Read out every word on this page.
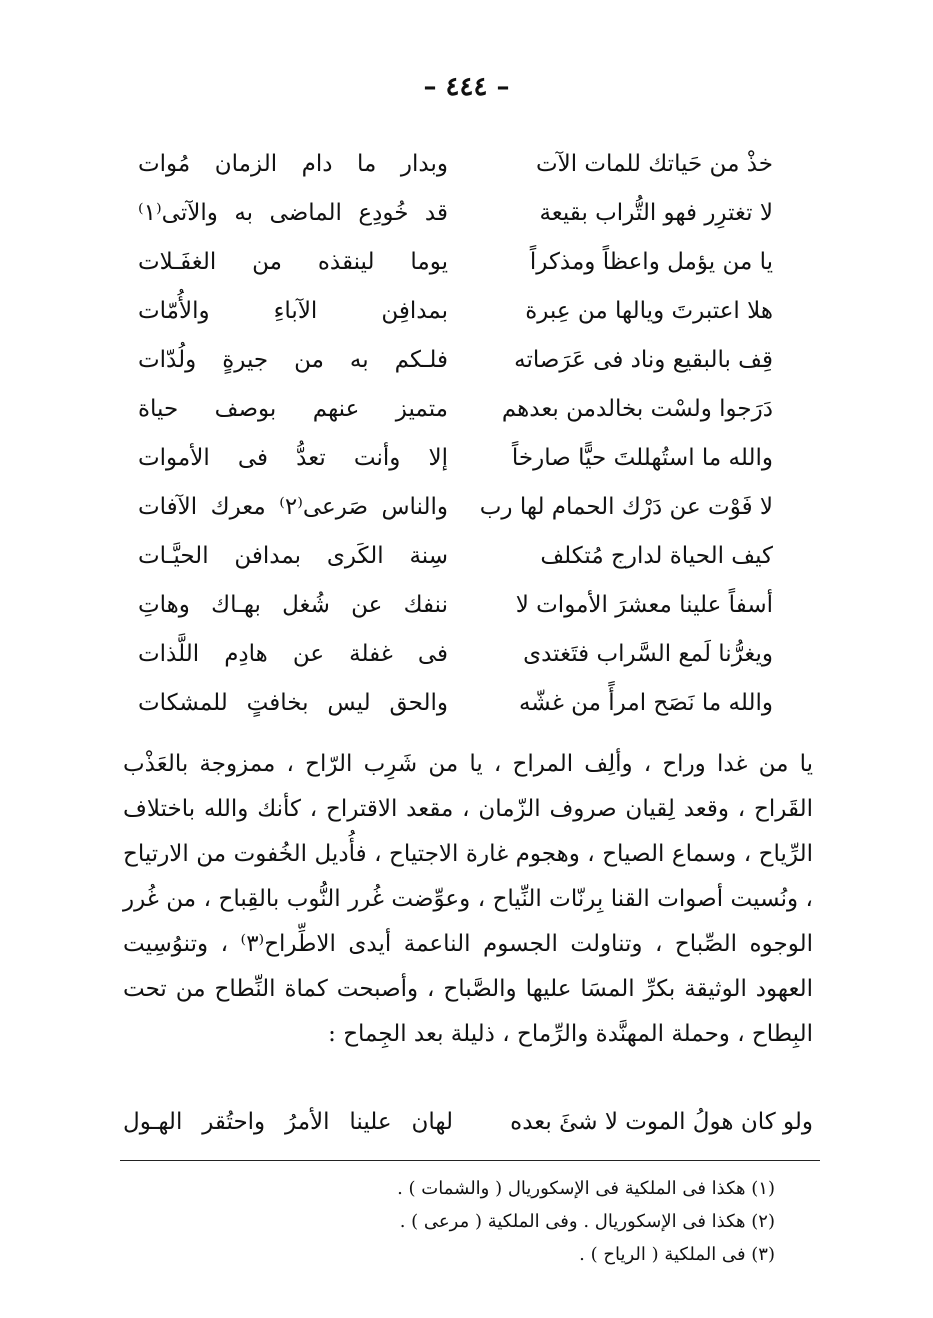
– ٤٤٤ –
خذْ من حَياتك للمات الآت
وبدار ما دام الزمان مُوات
لا تغترِر فهو التُّراب بقيعة
قد خُودِع الماضى به والآتى⁽١⁾
يا من يؤمل واعظاً ومذكراً
يوما لينقذه من الغفَـلات
هلا اعتبرتَ ويالها من عِبرة
بمدافِن الآباءِ والأُمّات
قِف بالبقيع وناد فى عَرَصاته
فلـكم به من جيرةٍ ولُدّات
دَرَجوا ولسْت بخالدمن بعدهم
متميز عنهم بوصف حياة
والله ما استُهللتَ حيًّا صارخاً
إلا وأنت تعدُّ فى الأموات
لا فَوْت عن دَرْك الحمام لها رب
والناس صَرعى⁽٢⁾ معرك الآفات
كيف الحياة لدارج مُتكلف
سِنة الكَرى بمدافن الحيَّـات
أسفاً علينا معشرَ الأموات لا
ننفك عن شُغل بهـاك وهاتِ
ويغرُّنا لَمع السَّراب فتَغتدى
فى غفلة عن هادِم اللَّذات
والله ما نَصَح امرأً من غشّه
والحق ليس بخافتٍ للمشكات
يا من غدا وراح ، وألِف المراح ، يا من شَرِب الرّاح ، ممزوجة بالعَذْب القَراح ، وقعد لِقيان صروف الزّمان ، مقعد الاقتراح ، كأنك والله باختلاف الرِّياح ، وسماع الصياح ، وهجوم غارة الاجتياح ، فأُديل الخُفوت من الارتياح ، ونُسيت أصوات القنا بِرنّات النِّياح ، وعوِّضت غُرر النُّوب بالقِباح ، من غُرر الوجوه الصِّباح ، وتناولت الجسوم الناعمة أيدى الاطِّراح⁽٣⁾ ، وتنوُسِيت العهود الوثيقة بكرِّ المسَا عليها والصَّباح ، وأصبحت كماة النِّطاح من تحت البِطاح ، وحملة المهنَّدة والرِّماح ، ذليلة بعد الجِماح :
ولو كان هولُ الموت لا شئَ بعده
لهان علينا الأمرُ واحتُقر الهـول
(١) هكذا فى الملكية فى الإسكوريال ( والشمات ) .
(٢) هكذا فى الإسكوريال . وفى الملكية ( مرعى ) .
(٣) فى الملكية ( الرياح ) .
